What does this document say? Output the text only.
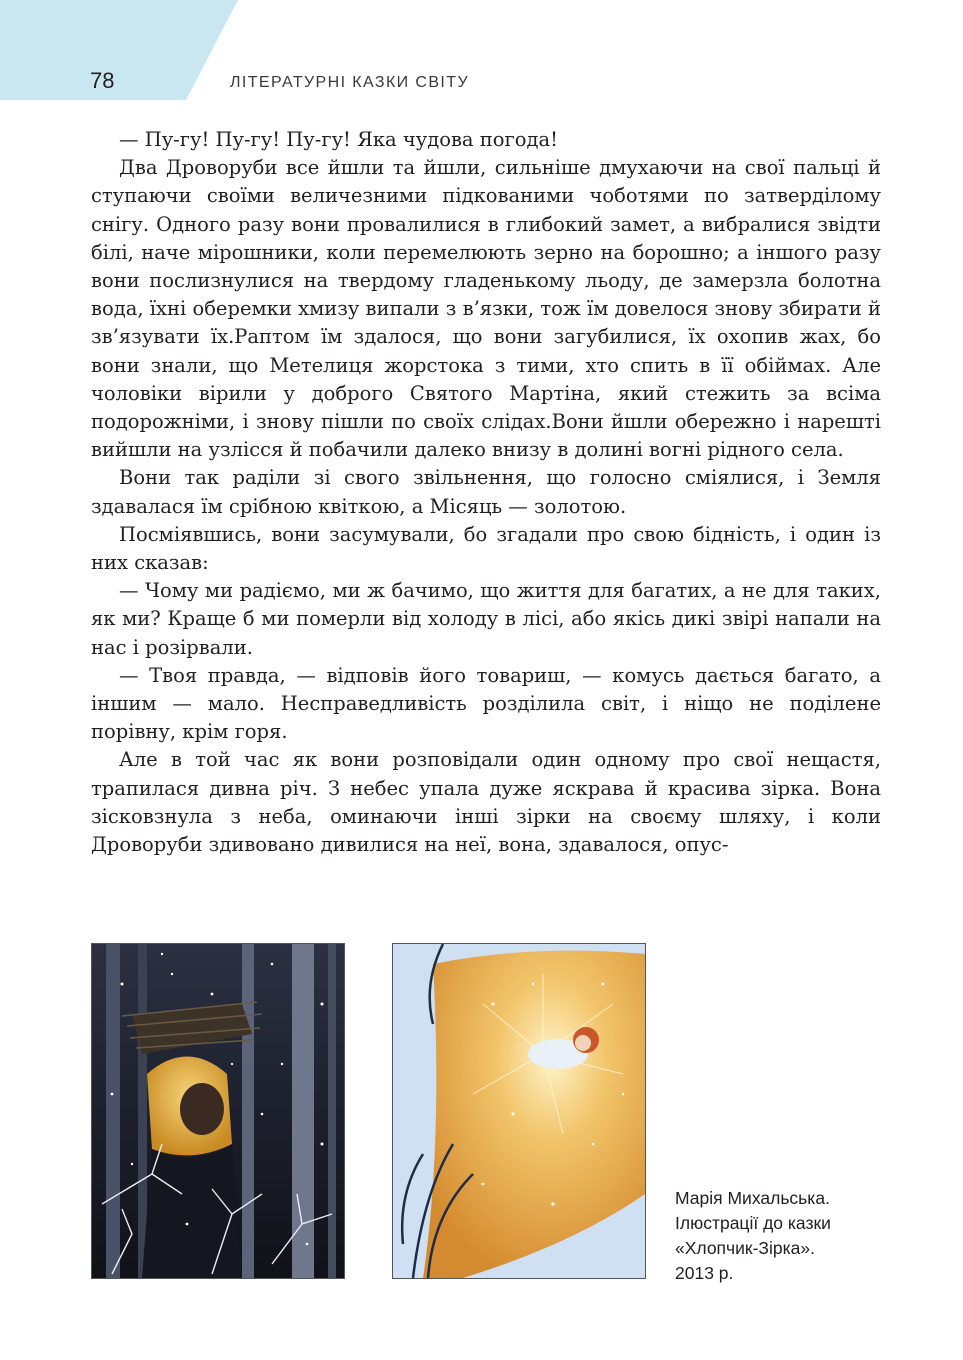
78	ЛІТЕРАТУРНІ КАЗКИ СВІТУ

— Пу-гу! Пу-гу! Пу-гу! Яка чудова погода!

Два Дроворуби все йшли та йшли, сильніше дмухаючи на свої пальці й ступаючи своїми величезними підкованими чоботями по затверділому снігу. Одного разу вони провалилися в глибокий замет, а вибралися звідти білі, наче мірошники, коли перемелюють зерно на борошно; а іншого разу вони послизнулися на твердому гладенькому льоду, де замерзла болотна вода, їхні оберемки хмизу випали з в’язки, тож їм довелося знову збирати й зв’язувати їх.Раптом їм здалося, що вони загубилися, їх охопив жах, бо вони знали, що Метелиця жорстока з тими, хто спить в її обіймах. Але чоловіки вірили у доброго Святого Мартіна, який стежить за всіма подорожніми, і знову пішли по своїх слідах.Вони йшли обережно і нарешті вийшли на узлісся й побачили далеко внизу в долині вогні рідного села.

Вони так раділи зі свого звільнення, що голосно сміялися, і Земля здавалася їм срібною квіткою, а Місяць — золотою.

Посміявшись, вони засумували, бо згадали про свою бідність, і один із них сказав:

— Чому ми радіємо, ми ж бачимо, що життя для багатих, а не для таких, як ми? Краще б ми померли від холоду в лісі, або якісь дикі звірі напали на нас і розірвали.

— Твоя правда, — відповів його товариш, — комусь дається багато, а іншим — мало. Несправедливість розділила світ, і ніщо не поділене порівну, крім горя.

Але в той час як вони розповідали один одному про свої нещастя, трапилася дивна річ. З небес упала дуже яскрава й красива зірка. Вона зісковзнула з неба, оминаючи інші зірки на своєму шляху, і коли Дроворуби здивовано дивилися на неї, вона, здавалося, опус-

Марія Михальська.
Ілюстрації до казки
«Хлопчик-Зірка».
2013 р.
